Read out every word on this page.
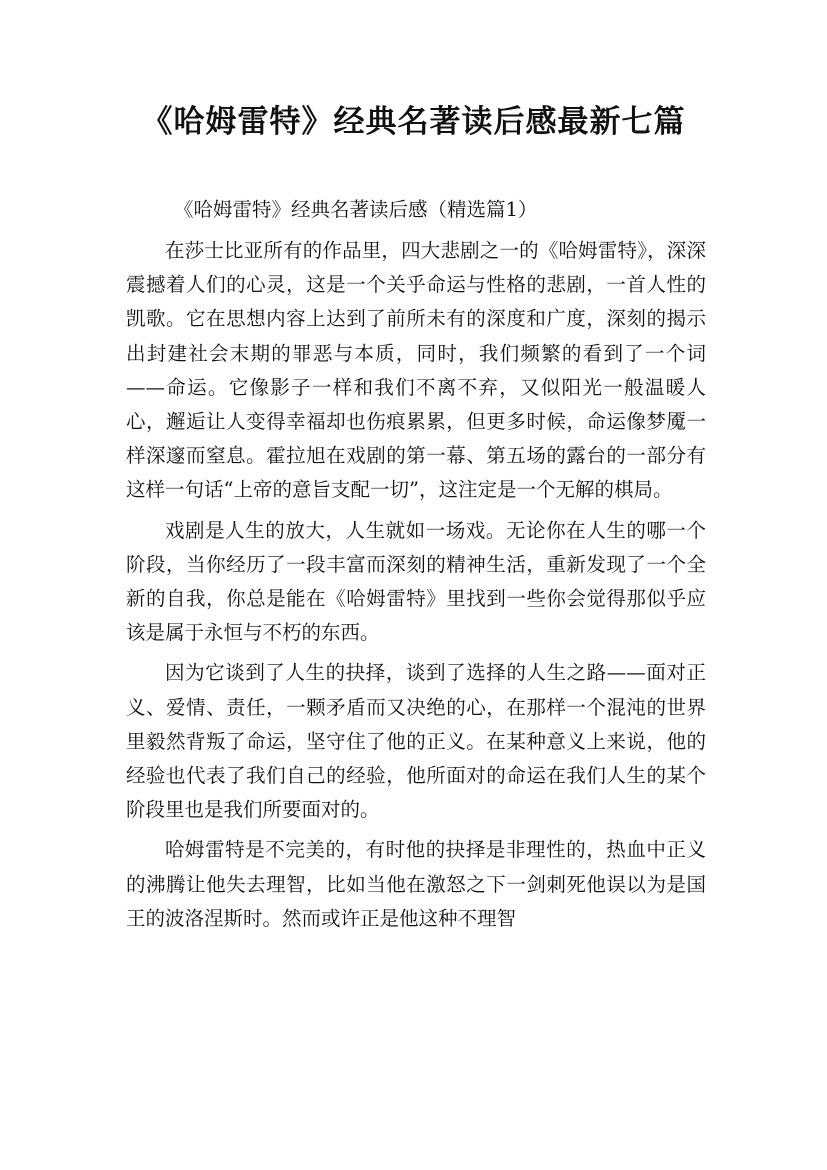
《哈姆雷特》经典名著读后感最新七篇
《哈姆雷特》经典名著读后感（精选篇1）

在莎士比亚所有的作品里，四大悲剧之一的《哈姆雷特》，深深震撼着人们的心灵，这是一个关乎命运与性格的悲剧，一首人性的凯歌。它在思想内容上达到了前所未有的深度和广度，深刻的揭示出封建社会末期的罪恶与本质，同时，我们频繁的看到了一个词——命运。它像影子一样和我们不离不弃，又似阳光一般温暖人心，邂逅让人变得幸福却也伤痕累累，但更多时候，命运像梦魇一样深邃而窒息。霍拉旭在戏剧的第一幕、第五场的露台的一部分有这样一句话“上帝的意旨支配一切”，这注定是一个无解的棋局。

戏剧是人生的放大，人生就如一场戏。无论你在人生的哪一个阶段，当你经历了一段丰富而深刻的精神生活，重新发现了一个全新的自我，你总是能在《哈姆雷特》里找到一些你会觉得那似乎应该是属于永恒与不朽的东西。

因为它谈到了人生的抉择，谈到了选择的人生之路——面对正义、爱情、责任，一颗矛盾而又决绝的心，在那样一个混沌的世界里毅然背叛了命运，坚守住了他的正义。在某种意义上来说，他的经验也代表了我们自己的经验，他所面对的命运在我们人生的某个阶段里也是我们所要面对的。

哈姆雷特是不完美的，有时他的抉择是非理性的，热血中正义的沸腾让他失去理智，比如当他在激怒之下一剑刺死他误以为是国王的波洛涅斯时。然而或许正是他这种不理智
